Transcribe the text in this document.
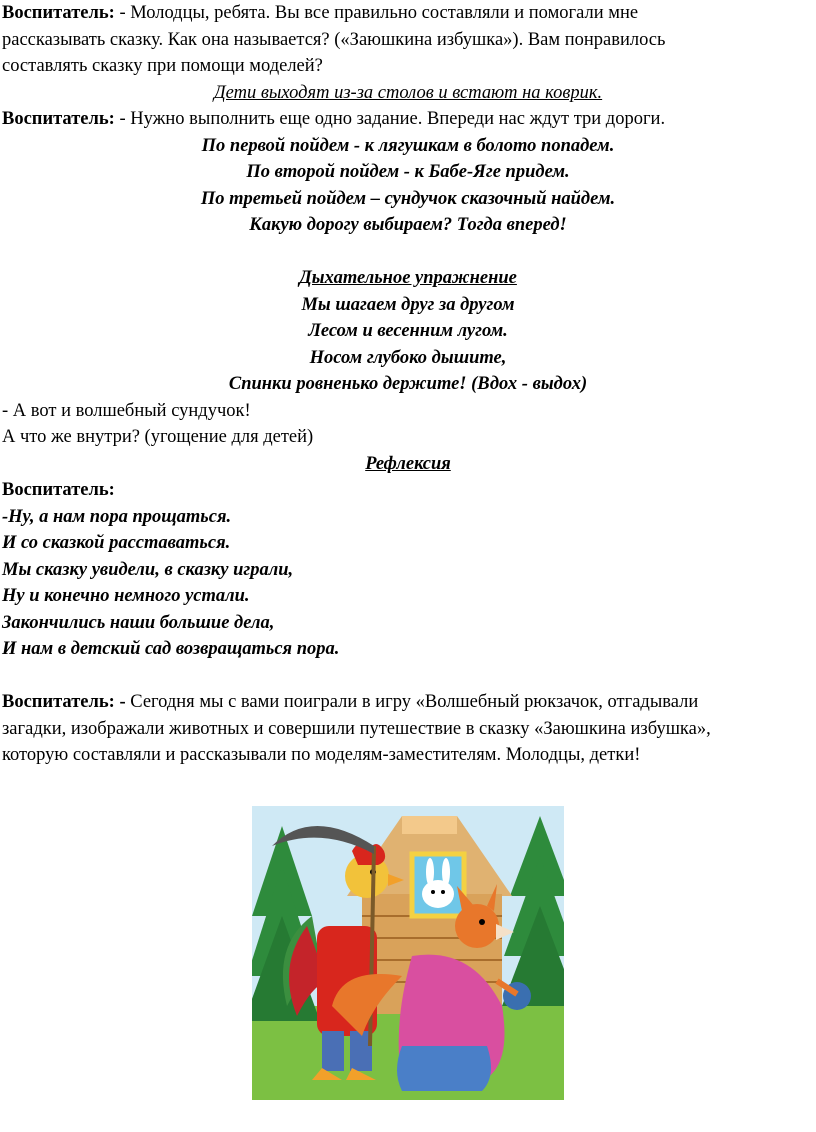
Воспитатель: - Молодцы, ребята. Вы все правильно составляли и помогали мне

рассказывать сказку. Как она называется? («Заюшкина избушка»). Вам понравилось

составлять сказку при помощи моделей?

Дети выходят из-за столов и встают на коврик.

Воспитатель: - Нужно выполнить еще одно задание. Впереди нас ждут три дороги.

По первой пойдем - к лягушкам в болото попадем.

По второй пойдем - к Бабе-Яге придем.

По третьей пойдем – сундучок сказочный найдем.

Какую дорогу выбираем? Тогда вперед!

Дыхательное упражнение

Мы шагаем друг за другом

Лесом и весенним лугом.

Носом глубоко дышите,

Спинки ровненько держите! (Вдох - выдох)

- А вот и волшебный сундучок!

А что же внутри? (угощение для детей)

Рефлексия

Воспитатель:

-Ну, а нам пора прощаться.

И со сказкой расставаться.

Мы сказку увидели, в сказку играли,

Ну и конечно немного устали.

Закончились наши большие дела,

И нам в детский сад возвращаться пора.

Воспитатель: - Сегодня мы с вами поиграли в игру «Волшебный рюкзачок, отгадывали

загадки, изображали животных и совершили путешествие в сказку «Заюшкина избушка»,

которую составляли и рассказывали по моделям-заместителям. Молодцы, детки!
